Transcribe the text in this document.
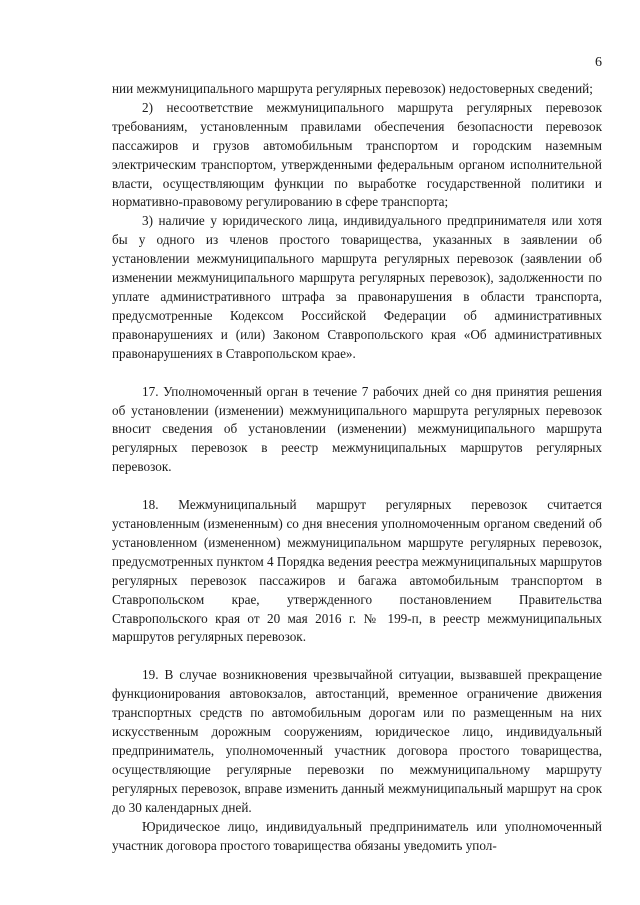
6

нии межмуниципального маршрута регулярных перевозок) недостоверных сведений;

2) несоответствие межмуниципального маршрута регулярных перевозок требованиям, установленным правилами обеспечения безопасности перевозок пассажиров и грузов автомобильным транспортом и городским наземным электрическим транспортом, утвержденными федеральным органом исполнительной власти, осуществляющим функции по выработке государственной политики и нормативно-правовому регулированию в сфере транспорта;

3) наличие у юридического лица, индивидуального предпринимателя или хотя бы у одного из членов простого товарищества, указанных в заявлении об установлении межмуниципального маршрута регулярных перевозок (заявлении об изменении межмуниципального маршрута регулярных перевозок), задолженности по уплате административного штрафа за правонарушения в области транспорта, предусмотренные Кодексом Российской Федерации об административных правонарушениях и (или) Законом Ставропольского края «Об административных правонарушениях в Ставропольском крае».

17. Уполномоченный орган в течение 7 рабочих дней со дня принятия решения об установлении (изменении) межмуниципального маршрута регулярных перевозок вносит сведения об установлении (изменении) межмуниципального маршрута регулярных перевозок в реестр межмуниципальных маршрутов регулярных перевозок.

18. Межмуниципальный маршрут регулярных перевозок считается установленным (измененным) со дня внесения уполномоченным органом сведений об установленном (измененном) межмуниципальном маршруте регулярных перевозок, предусмотренных пунктом 4 Порядка ведения реестра межмуниципальных маршрутов регулярных перевозок пассажиров и багажа автомобильным транспортом в Ставропольском крае, утвержденного постановлением Правительства Ставропольского края от 20 мая 2016 г. № 199-п, в реестр межмуниципальных маршрутов регулярных перевозок.

19. В случае возникновения чрезвычайной ситуации, вызвавшей прекращение функционирования автовокзалов, автостанций, временное ограничение движения транспортных средств по автомобильным дорогам или по размещенным на них искусственным дорожным сооружениям, юридическое лицо, индивидуальный предприниматель, уполномоченный участник договора простого товарищества, осуществляющие регулярные перевозки по межмуниципальному маршруту регулярных перевозок, вправе изменить данный межмуниципальный маршрут на срок до 30 календарных дней.

Юридическое лицо, индивидуальный предприниматель или уполномоченный участник договора простого товарищества обязаны уведомить упол-
